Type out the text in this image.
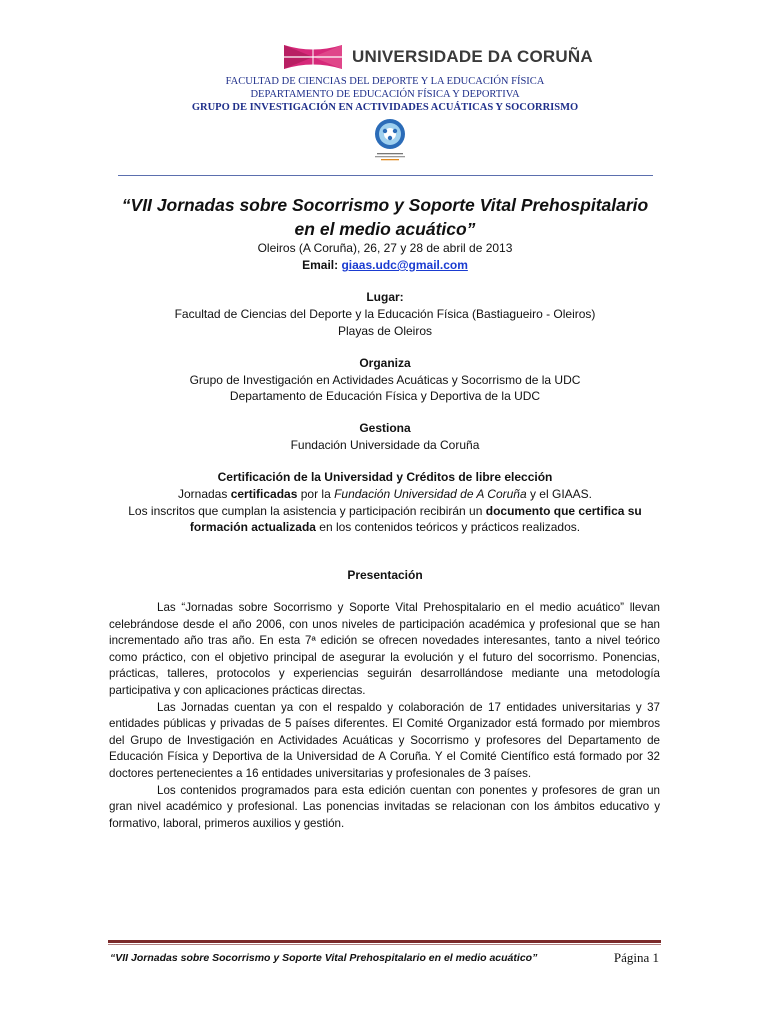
UNIVERSIDADE DA CORUÑA
FACULTAD DE CIENCIAS DEL DEPORTE Y LA EDUCACIÓN FÍSICA
DEPARTAMENTO DE EDUCACIÓN FÍSICA Y DEPORTIVA
GRUPO DE INVESTIGACIÓN EN ACTIVIDADES ACUÁTICAS Y SOCORRISMO
“VII Jornadas sobre Socorrismo y Soporte Vital Prehospitalario
en el medio acuático”
Oleiros (A Coruña), 26, 27 y 28 de abril de 2013
Email: giaas.udc@gmail.com
Lugar:
Facultad de Ciencias del Deporte y la Educación Física (Bastiagueiro - Oleiros)
Playas de Oleiros
Organiza
Grupo de Investigación en Actividades Acuáticas y Socorrismo de la UDC
Departamento de Educación Física y Deportiva de la UDC
Gestiona
Fundación Universidade da Coruña
Certificación de la Universidad y Créditos de libre elección
Jornadas certificadas por la Fundación Universidad de A Coruña y el GIAAS.
Los inscritos que cumplan la asistencia y participación recibirán un documento que certifica su
formación actualizada en los contenidos teóricos y prácticos realizados.
Presentación

Las “Jornadas sobre Socorrismo y Soporte Vital Prehospitalario en el medio acuático” llevan celebrándose desde el año 2006, con unos niveles de participación académica y profesional que se han incrementado año tras año. En esta 7ª edición se ofrecen novedades interesantes, tanto a nivel teórico como práctico, con el objetivo principal de asegurar la evolución y el futuro del socorrismo. Ponencias, prácticas, talleres, protocolos y experiencias seguirán desarrollándose mediante una metodología participativa y con aplicaciones prácticas directas.

Las Jornadas cuentan ya con el respaldo y colaboración de 17 entidades universitarias y 37 entidades públicas y privadas de 5 países diferentes. El Comité Organizador está formado por miembros del Grupo de Investigación en Actividades Acuáticas y Socorrismo y profesores del Departamento de Educación Física y Deportiva de la Universidad de A Coruña. Y el Comité Científico está formado por 32 doctores pertenecientes a 16 entidades universitarias y profesionales de 3 países.

Los contenidos programados para esta edición cuentan con ponentes y profesores de gran un gran nivel académico y profesional. Las ponencias invitadas se relacionan con los ámbitos educativo y formativo, laboral, primeros auxilios y gestión.

“VII Jornadas sobre Socorrismo y Soporte Vital Prehospitalario en el medio acuático”	Página 1
